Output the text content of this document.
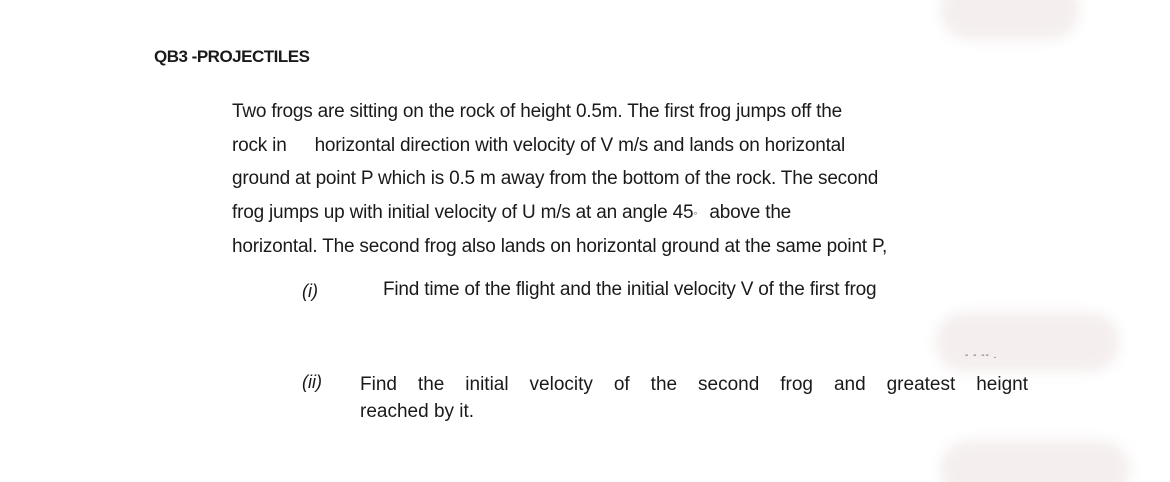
QB3 -PROJECTILES
Two frogs are sitting on the rock of height 0.5m. The first frog jumps off the
rock in horizontal direction with velocity of V m/s and lands on horizontal
ground at point P which is 0.5 m away from the bottom of the rock. The second
frog jumps up with initial velocity of U m/s at an angle 45◦ above the
horizontal. The second frog also lands on horizontal ground at the same point P,
(i)	Find time of the flight and the initial velocity V of the first frog
- - -- .
(ii) Find the initial velocity of the second frog and greatest heignt
reached by it.
